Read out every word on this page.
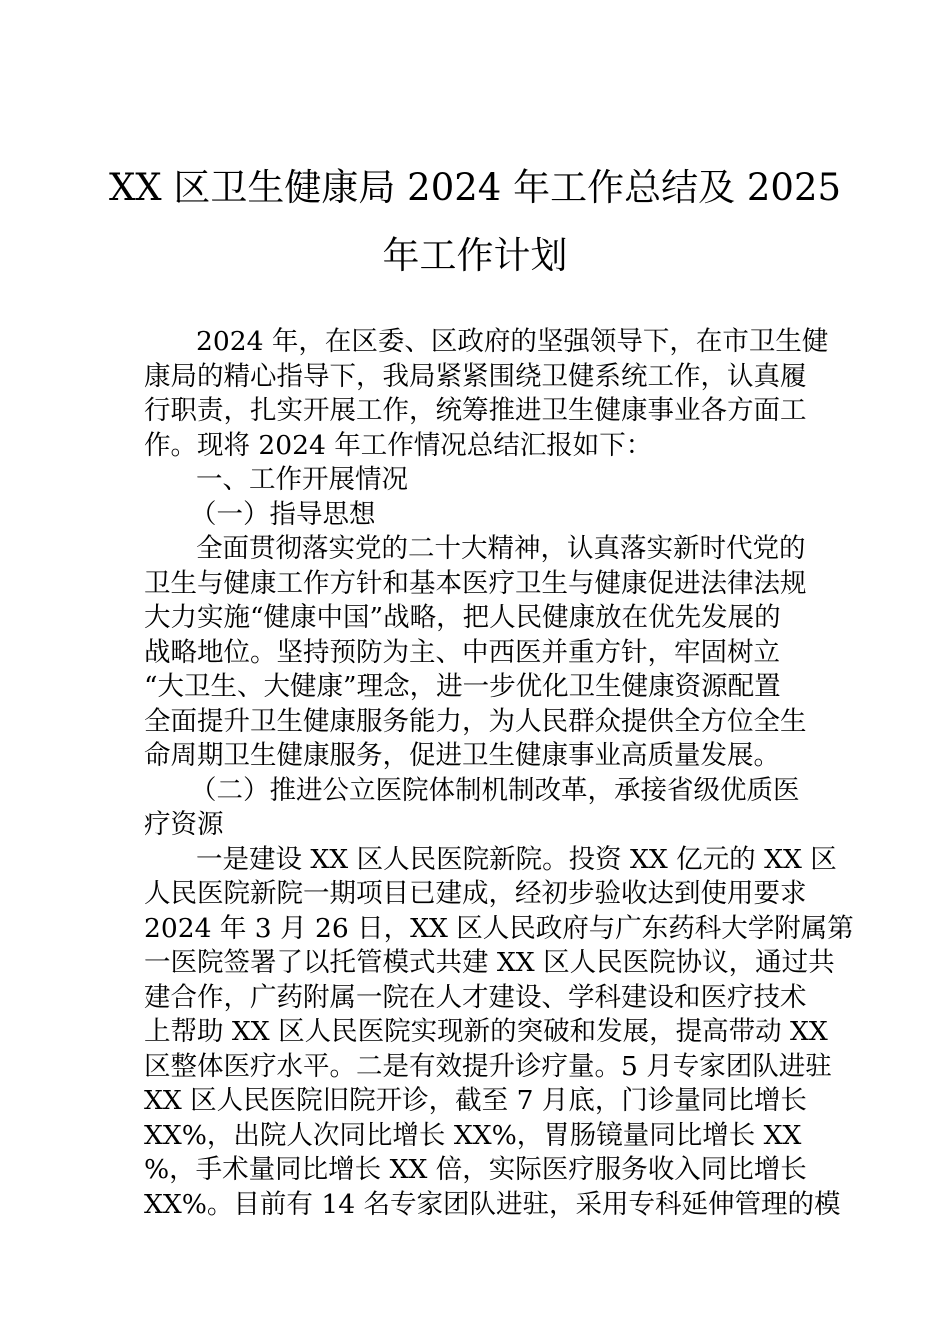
XX 区卫生健康局 2024 年工作总结及 2025
年工作计划
2024 年，在区委、区政府的坚强领导下，在市卫生健
康局的精心指导下，我局紧紧围绕卫健系统工作，认真履
行职责，扎实开展工作，统筹推进卫生健康事业各方面工
作。现将 2024 年工作情况总结汇报如下：
一、工作开展情况
（一）指导思想
全面贯彻落实党的二十大精神，认真落实新时代党的
卫生与健康工作方针和基本医疗卫生与健康促进法律法规
大力实施“健康中国”战略，把人民健康放在优先发展的
战略地位。坚持预防为主、中西医并重方针，牢固树立
“大卫生、大健康”理念，进一步优化卫生健康资源配置
全面提升卫生健康服务能力，为人民群众提供全方位全生
命周期卫生健康服务，促进卫生健康事业高质量发展。
（二）推进公立医院体制机制改革，承接省级优质医
疗资源
一是建设 XX 区人民医院新院。投资 XX 亿元的 XX 区
人民医院新院一期项目已建成，经初步验收达到使用要求
2024 年 3 月 26 日，XX 区人民政府与广东药科大学附属第
一医院签署了以托管模式共建 XX 区人民医院协议，通过共
建合作，广药附属一院在人才建设、学科建设和医疗技术
上帮助 XX 区人民医院实现新的突破和发展，提高带动 XX
区整体医疗水平。二是有效提升诊疗量。5 月专家团队进驻
XX 区人民医院旧院开诊，截至 7 月底，门诊量同比增长
XX%，出院人次同比增长 XX%，胃肠镜量同比增长 XX
%，手术量同比增长 XX 倍，实际医疗服务收入同比增长
XX%。目前有 14 名专家团队进驻，采用专科延伸管理的模
